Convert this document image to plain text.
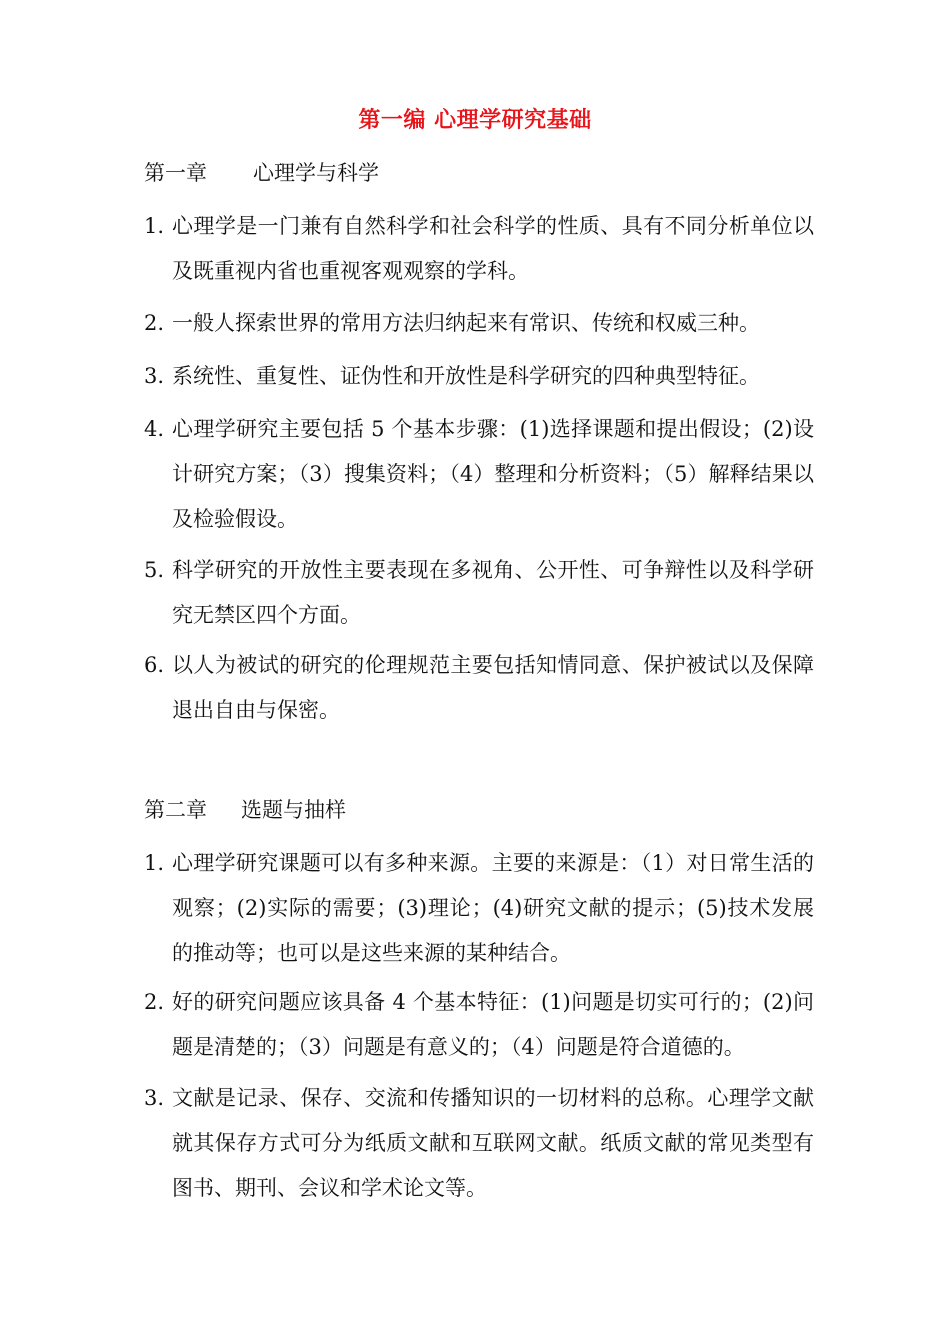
第一编 心理学研究基础
第一章 心理学与科学
1. 心理学是一门兼有自然科学和社会科学的性质、具有不同分析单位以及既重视内省也重视客观观察的学科。
2. 一般人探索世界的常用方法归纳起来有常识、传统和权威三种。
3. 系统性、重复性、证伪性和开放性是科学研究的四种典型特征。
4. 心理学研究主要包括 5 个基本步骤：(1)选择课题和提出假设；(2)设计研究方案；（3）搜集资料；（4）整理和分析资料；（5）解释结果以及检验假设。
5. 科学研究的开放性主要表现在多视角、公开性、可争辩性以及科学研究无禁区四个方面。
6. 以人为被试的研究的伦理规范主要包括知情同意、保护被试以及保障退出自由与保密。
第二章 选题与抽样
1. 心理学研究课题可以有多种来源。主要的来源是：（1）对日常生活的观察；(2)实际的需要；(3)理论；(4)研究文献的提示；(5)技术发展的推动等；也可以是这些来源的某种结合。
2. 好的研究问题应该具备 4 个基本特征：(1)问题是切实可行的；(2)问题是清楚的；（3）问题是有意义的；（4）问题是符合道德的。
3. 文献是记录、保存、交流和传播知识的一切材料的总称。心理学文献就其保存方式可分为纸质文献和互联网文献。纸质文献的常见类型有图书、期刊、会议和学术论文等。
